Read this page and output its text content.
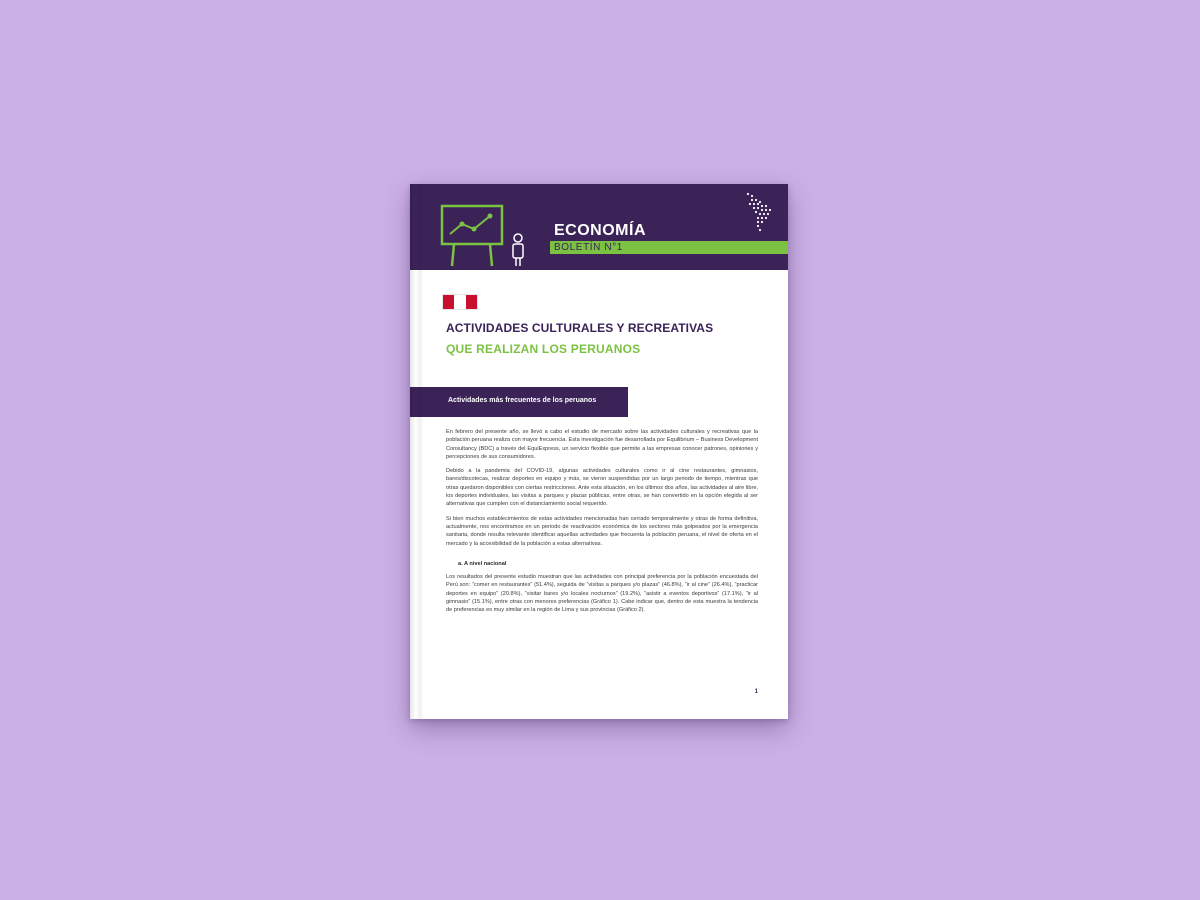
ECONOMÍA
BOLETÍN N°1
ACTIVIDADES CULTURALES Y RECREATIVAS
QUE REALIZAN LOS PERUANOS
Actividades más frecuentes de los peruanos

En febrero del presente año, se llevó a cabo el estudio de mercado sobre las actividades culturales y recreativas que la población peruana realiza con mayor frecuencia. Esta investigación fue desarrollada por Equilibrium – Business Development Consultancy (BDC) a través del EquiExpress, un servicio flexible que permite a las empresas conocer patrones, opiniones y percepciones de sus consumidores.

Debido a la pandemia del COVID-19, algunas actividades culturales como ir al cine restaurantes, gimnasios, bares/discotecas, realizar deportes en equipo y más, se vieron suspendidas por un largo periodo de tiempo, mientras que otras quedaron disponibles con ciertas restricciones. Ante esta situación, en los últimos dos años, las actividades al aire libre, los deportes individuales, las visitas a parques y plazas públicas, entre otras, se han convertido en la opción elegida al ser alternativas que cumplen con el distanciamiento social requerido.

Si bien muchos establecimientos de estas actividades mencionadas han cerrado temporalmente y otras de forma definitiva, actualmente, nos encontramos en un periodo de reactivación económica de los sectores más golpeados por la emergencia sanitaria, donde resulta relevante identificar aquellas actividades que frecuenta la población peruana, el nivel de oferta en el mercado y la accesibilidad de la población a estas alternativas.

a. A nivel nacional

Los resultados del presente estudio muestran que las actividades con principal preferencia por la población encuestada del Perú son: “comer en restaurantes” (51.4%), seguida de “visitas a parques y/o plazas” (46.8%), “ir al cine” (26.4%), “practicar deportes en equipo” (20.8%), “visitar bares y/o locales nocturnos” (19.2%), “asistir a eventos deportivos” (17.1%), “ir al gimnasio” (15.1%), entre otras con menores preferencias (Gráfico 1). Cabe indicar que, dentro de esta muestra la tendencia de preferencias es muy similar en la región de Lima y sus provincias (Gráfico 2).

1
